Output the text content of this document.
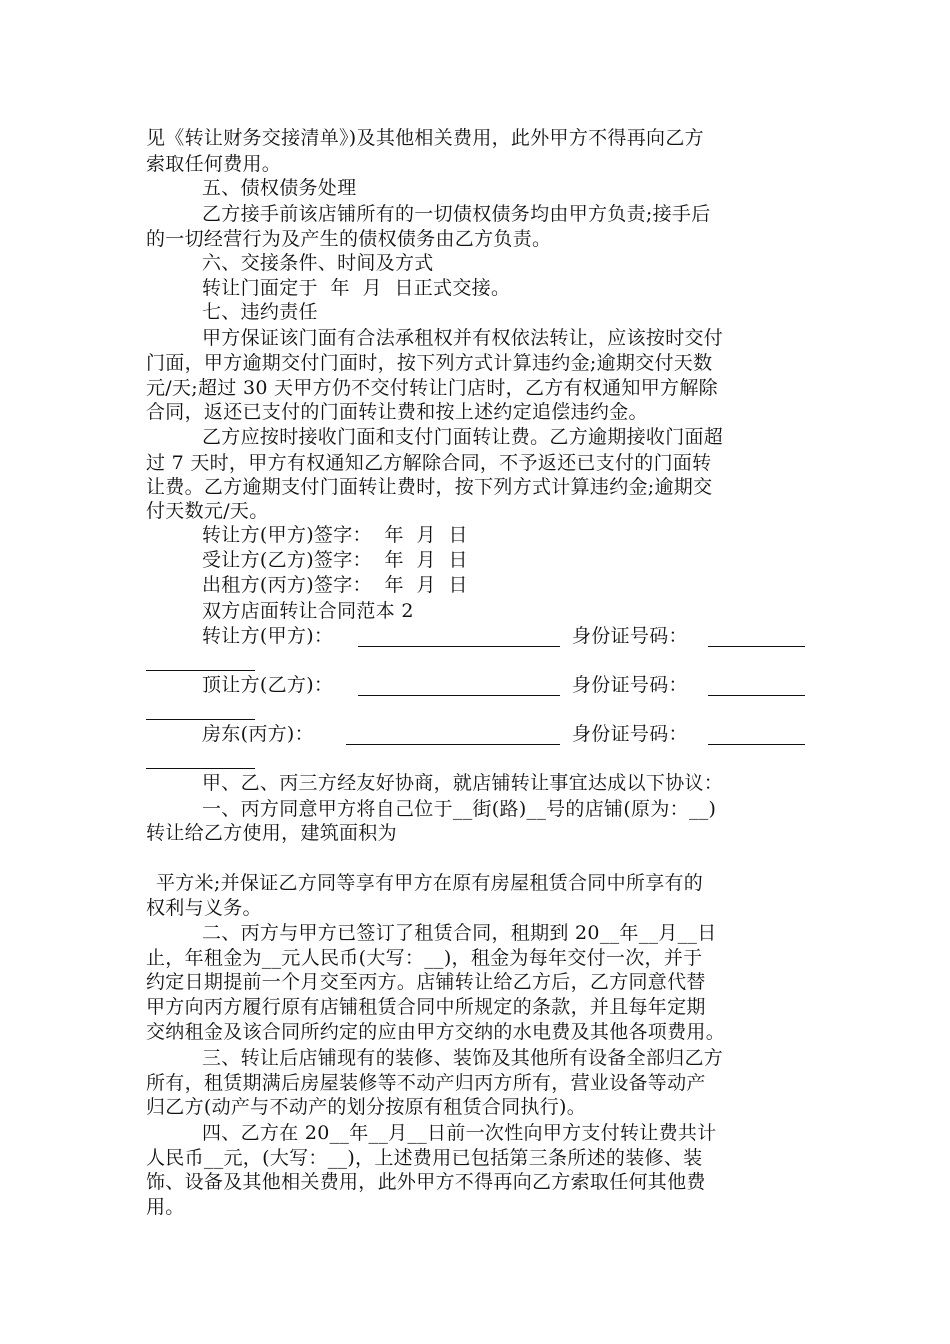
见《转让财务交接清单》)及其他相关费用，此外甲方不得再向乙方
索取任何费用。
五、债权债务处理
乙方接手前该店铺所有的一切债权债务均由甲方负责;接手后
的一切经营行为及产生的债权债务由乙方负责。
六、交接条件、时间及方式
转让门面定于  年  月  日正式交接。
七、违约责任
甲方保证该门面有合法承租权并有权依法转让，应该按时交付
门面，甲方逾期交付门面时，按下列方式计算违约金;逾期交付天数
元/天;超过 30 天甲方仍不交付转让门店时，乙方有权通知甲方解除
合同，返还已支付的门面转让费和按上述约定追偿违约金。
乙方应按时接收门面和支付门面转让费。乙方逾期接收门面超
过 7 天时，甲方有权通知乙方解除合同，不予返还已支付的门面转
让费。乙方逾期支付门面转让费时，按下列方式计算违约金;逾期交
付天数元/天。
转让方(甲方)签字：  年  月  日
受让方(乙方)签字：  年  月  日
出租方(丙方)签字：  年  月  日
双方店面转让合同范本 2
转让方(甲方)：	身份证号码：
顶让方(乙方)：	身份证号码：
房东(丙方)：	身份证号码：
甲、乙、丙三方经友好协商，就店铺转让事宜达成以下协议：
一、丙方同意甲方将自己位于__街(路)__号的店铺(原为：__)
转让给乙方使用，建筑面积为
平方米;并保证乙方同等享有甲方在原有房屋租赁合同中所享有的
权利与义务。
二、丙方与甲方已签订了租赁合同，租期到 20__年__月__日
止，年租金为__元人民币(大写：__)，租金为每年交付一次，并于
约定日期提前一个月交至丙方。店铺转让给乙方后，乙方同意代替
甲方向丙方履行原有店铺租赁合同中所规定的条款，并且每年定期
交纳租金及该合同所约定的应由甲方交纳的水电费及其他各项费用。
三、转让后店铺现有的装修、装饰及其他所有设备全部归乙方
所有，租赁期满后房屋装修等不动产归丙方所有，营业设备等动产
归乙方(动产与不动产的划分按原有租赁合同执行)。
四、乙方在 20__年__月__日前一次性向甲方支付转让费共计
人民币__元，(大写：__)，上述费用已包括第三条所述的装修、装
饰、设备及其他相关费用，此外甲方不得再向乙方索取任何其他费
用。
